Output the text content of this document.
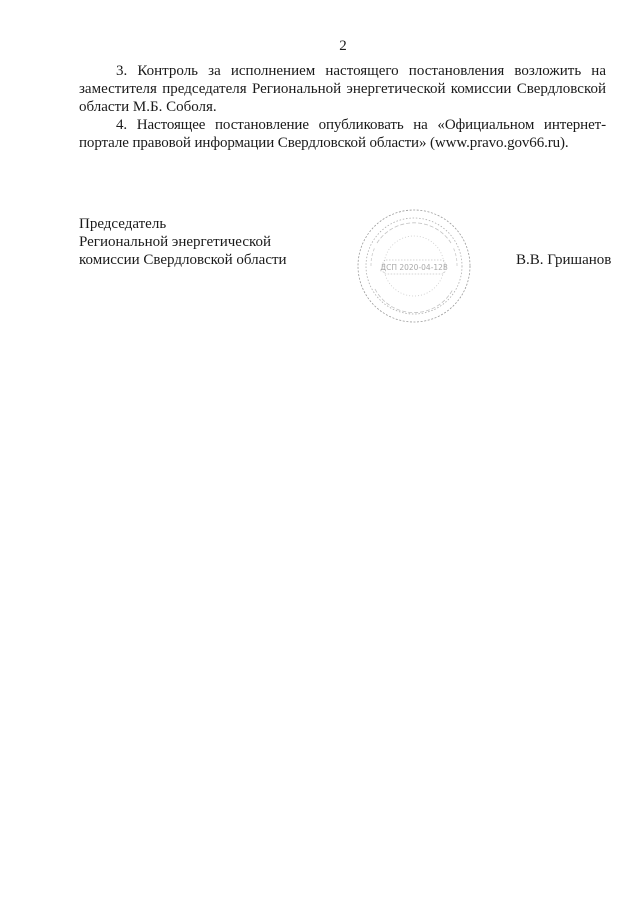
2

3. Контроль за исполнением настоящего постановления возложить на заместителя председателя Региональной энергетической комиссии Свердловской области М.Б. Соболя.

4. Настоящее постановление опубликовать на «Официальном интернет-портале правовой информации Свердловской области» (www.pravo.gov66.ru).

Председатель
Региональной энергетической
комиссии Свердловской области	ДСП 2020-04-128	В.В. Гришанов
